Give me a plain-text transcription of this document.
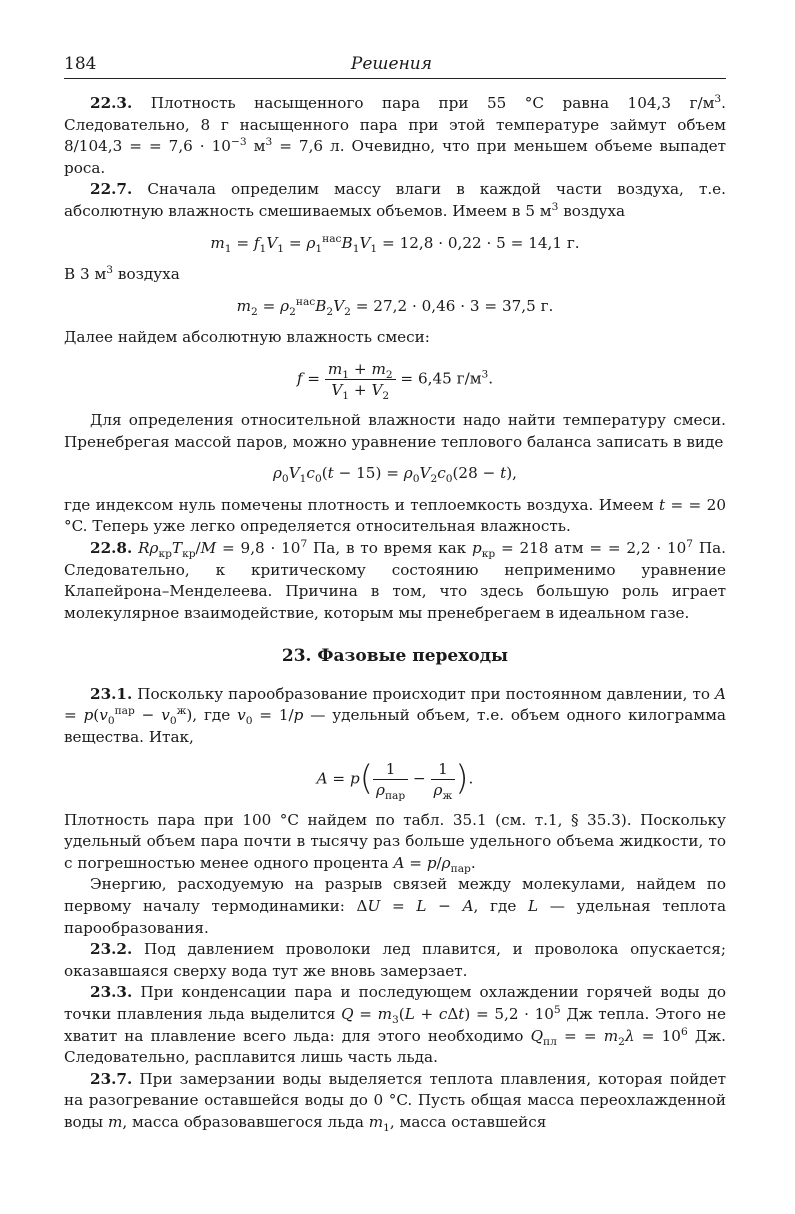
184	Решения

22.3. Плотность насыщенного пара при 55 °C равна 104,3 $г/м^3$. Следовательно, 8 г насыщенного пара при этой температуре займут объем 8/104,3 = = $7,6 \cdot 10^{-3}$ $м^3 = 7,6$ л. Очевидно, что при меньшем объеме выпадет роса.

22.7. Сначала определим массу влаги в каждой части воздуха, т.е. абсолютную влажность смешиваемых объемов. Имеем в 5 $м^3$ воздуха

$m_1 = f_1V_1 = \rho_1^{нас}B_1V_1 = 12,8 \cdot 0,22 \cdot 5 = 14,1$ г.

В 3 $м^3$ воздуха

$m_2 = \rho_2^{нас}B_2V_2 = 27,2 \cdot 0,46 \cdot 3 = 37,5$ г.

Далее найдем абсолютную влажность смеси:

$f = \frac{m_1 + m_2}{V_1 + V_2} = 6,45$ $г/м^3$.

Для определения относительной влажности надо найти температуру смеси. Пренебрегая массой паров, можно уравнение теплового баланса записать в виде

$\rho_0V_1c_0(t - 15) = \rho_0V_2c_0(28 - t)$,

где индексом нуль помечены плотность и теплоемкость воздуха. Имеем t = = 20 °C. Теперь уже легко определяется относительная влажность.

22.8. $R\rho_{кр}T_{кр}/M = 9,8 \cdot 10^7$ Па, в то время как $p_{кр} = 218$ атм = = $2,2 \cdot 10^7$ Па. Следовательно, к критическому состоянию неприменимо уравнение Клапейрона–Менделеева. Причина в том, что здесь большую роль играет молекулярное взаимодействие, которым мы пренебрегаем в идеальном газе.

23. Фазовые переходы

23.1. Поскольку парообразование происходит при постоянном давлении, то $A = p(v_0^{пар} - v_0^ж)$, где $v_0 = 1/p$ — удельный объем, т.е. объем одного килограмма вещества. Итак,

$A = p( \frac{1}{\rho_{пар}} - \frac{1}{\rho_ж}$ ).

Плотность пара при 100 °C найдем по табл. 35.1 (см. т.1, § 35.3). Поскольку удельный объем пара почти в тысячу раз больше удельного объема жидкости, то с погрешностью менее одного процента $A = p/\rho_{пар}$.

Энергию, расходуемую на разрыв связей между молекулами, найдем по первому началу термодинамики: ΔU = L − A, где L — удельная теплота парообразования.

23.2. Под давлением проволоки лед плавится, и проволока опускается; оказавшаяся сверху вода тут же вновь замерзает.

23.3. При конденсации пара и последующем охлаждении горячей воды до точки плавления льда выделится $Q = m_3(L + c\Delta t) = 5,2 \cdot 10^5$ Дж тепла. Этого не хватит на плавление всего льда: для этого необходимо $Q_{пл}$ = = $m_2\lambda = 10^6$ Дж. Следовательно, расплавится лишь часть льда.

23.7. При замерзании воды выделяется теплота плавления, которая пойдет на разогревание оставшейся воды до 0 °C. Пусть общая масса переохлажденной воды m, масса образовавшегося льда $m_1$, масса оставшейся
